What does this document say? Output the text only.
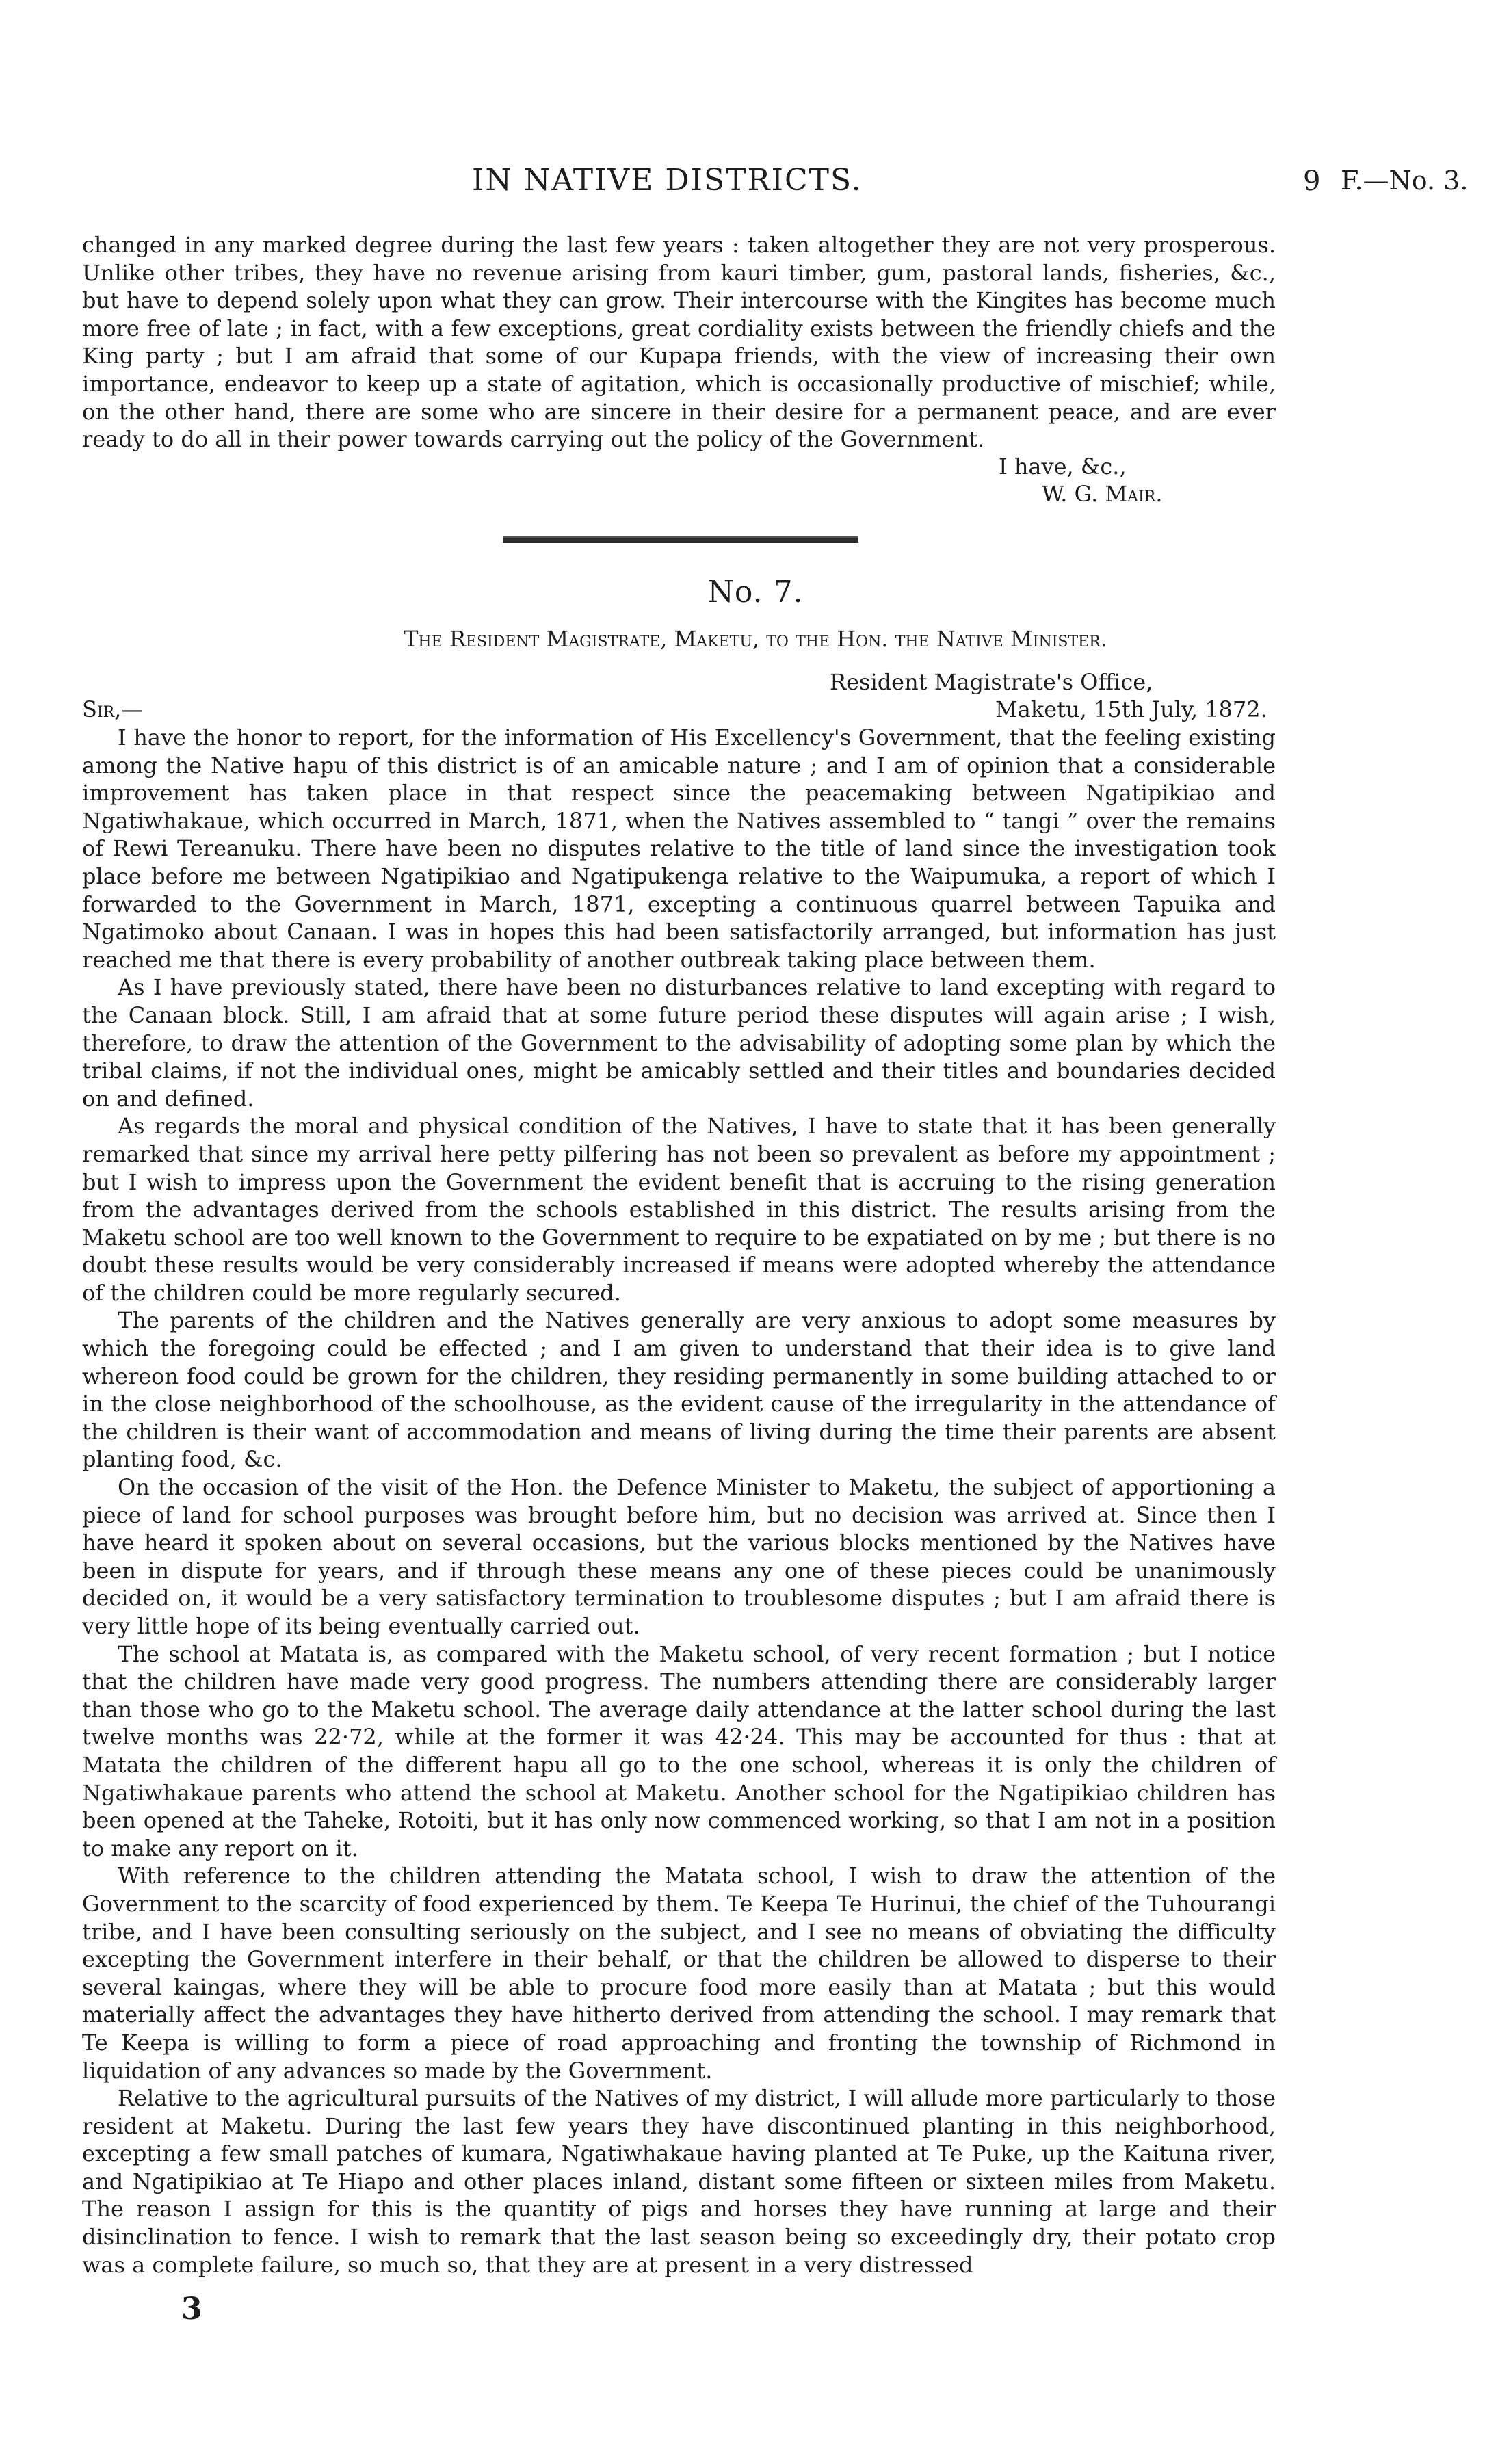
IN NATIVE DISTRICTS.	9 F.—No. 3.

changed in any marked degree during the last few years : taken altogether they are not very prosperous. Unlike other tribes, they have no revenue arising from kauri timber, gum, pastoral lands, fisheries, &c., but have to depend solely upon what they can grow. Their intercourse with the Kingites has become much more free of late ; in fact, with a few exceptions, great cordiality exists between the friendly chiefs and the King party ; but I am afraid that some of our Kupapa friends, with the view of increasing their own importance, endeavor to keep up a state of agitation, which is occasionally productive of mischief; while, on the other hand, there are some who are sincere in their desire for a permanent peace, and are ever ready to do all in their power towards carrying out the policy of the Government.

I have, &c.,
W. G. Mair.
No. 7.
The Resident Magistrate, Maketu, to the Hon. the Native Minister.
Resident Magistrate's Office,
Sir,—	Maketu, 15th July, 1872.

I have the honor to report, for the information of His Excellency's Government, that the feeling existing among the Native hapu of this district is of an amicable nature ; and I am of opinion that a considerable improvement has taken place in that respect since the peacemaking between Ngatipikiao and Ngatiwhakaue, which occurred in March, 1871, when the Natives assembled to “ tangi ” over the remains of Rewi Tereanuku. There have been no disputes relative to the title of land since the investigation took place before me between Ngatipikiao and Ngatipukenga relative to the Waipumuka, a report of which I forwarded to the Government in March, 1871, excepting a continuous quarrel between Tapuika and Ngatimoko about Canaan. I was in hopes this had been satisfactorily arranged, but information has just reached me that there is every probability of another outbreak taking place between them.

As I have previously stated, there have been no disturbances relative to land excepting with regard to the Canaan block. Still, I am afraid that at some future period these disputes will again arise ; I wish, therefore, to draw the attention of the Government to the advisability of adopting some plan by which the tribal claims, if not the individual ones, might be amicably settled and their titles and boundaries decided on and defined.

As regards the moral and physical condition of the Natives, I have to state that it has been generally remarked that since my arrival here petty pilfering has not been so prevalent as before my appointment ; but I wish to impress upon the Government the evident benefit that is accruing to the rising generation from the advantages derived from the schools established in this district. The results arising from the Maketu school are too well known to the Government to require to be expatiated on by me ; but there is no doubt these results would be very considerably increased if means were adopted whereby the attendance of the children could be more regularly secured.

The parents of the children and the Natives generally are very anxious to adopt some measures by which the foregoing could be effected ; and I am given to understand that their idea is to give land whereon food could be grown for the children, they residing permanently in some building attached to or in the close neighborhood of the schoolhouse, as the evident cause of the irregularity in the attendance of the children is their want of accommodation and means of living during the time their parents are absent planting food, &c.

On the occasion of the visit of the Hon. the Defence Minister to Maketu, the subject of apportioning a piece of land for school purposes was brought before him, but no decision was arrived at. Since then I have heard it spoken about on several occasions, but the various blocks mentioned by the Natives have been in dispute for years, and if through these means any one of these pieces could be unanimously decided on, it would be a very satisfactory termination to troublesome disputes ; but I am afraid there is very little hope of its being eventually carried out.

The school at Matata is, as compared with the Maketu school, of very recent formation ; but I notice that the children have made very good progress. The numbers attending there are considerably larger than those who go to the Maketu school. The average daily attendance at the latter school during the last twelve months was 22·72, while at the former it was 42·24. This may be accounted for thus : that at Matata the children of the different hapu all go to the one school, whereas it is only the children of Ngatiwhakaue parents who attend the school at Maketu. Another school for the Ngatipikiao children has been opened at the Taheke, Rotoiti, but it has only now commenced working, so that I am not in a position to make any report on it.

With reference to the children attending the Matata school, I wish to draw the attention of the Government to the scarcity of food experienced by them. Te Keepa Te Hurinui, the chief of the Tuhourangi tribe, and I have been consulting seriously on the subject, and I see no means of obviating the difficulty excepting the Government interfere in their behalf, or that the children be allowed to disperse to their several kaingas, where they will be able to procure food more easily than at Matata ; but this would materially affect the advantages they have hitherto derived from attending the school. I may remark that Te Keepa is willing to form a piece of road approaching and fronting the township of Richmond in liquidation of any advances so made by the Government.

Relative to the agricultural pursuits of the Natives of my district, I will allude more particularly to those resident at Maketu. During the last few years they have discontinued planting in this neighborhood, excepting a few small patches of kumara, Ngatiwhakaue having planted at Te Puke, up the Kaituna river, and Ngatipikiao at Te Hiapo and other places inland, distant some fifteen or sixteen miles from Maketu. The reason I assign for this is the quantity of pigs and horses they have running at large and their disinclination to fence. I wish to remark that the last season being so exceedingly dry, their potato crop was a complete failure, so much so, that they are at present in a very distressed

3
